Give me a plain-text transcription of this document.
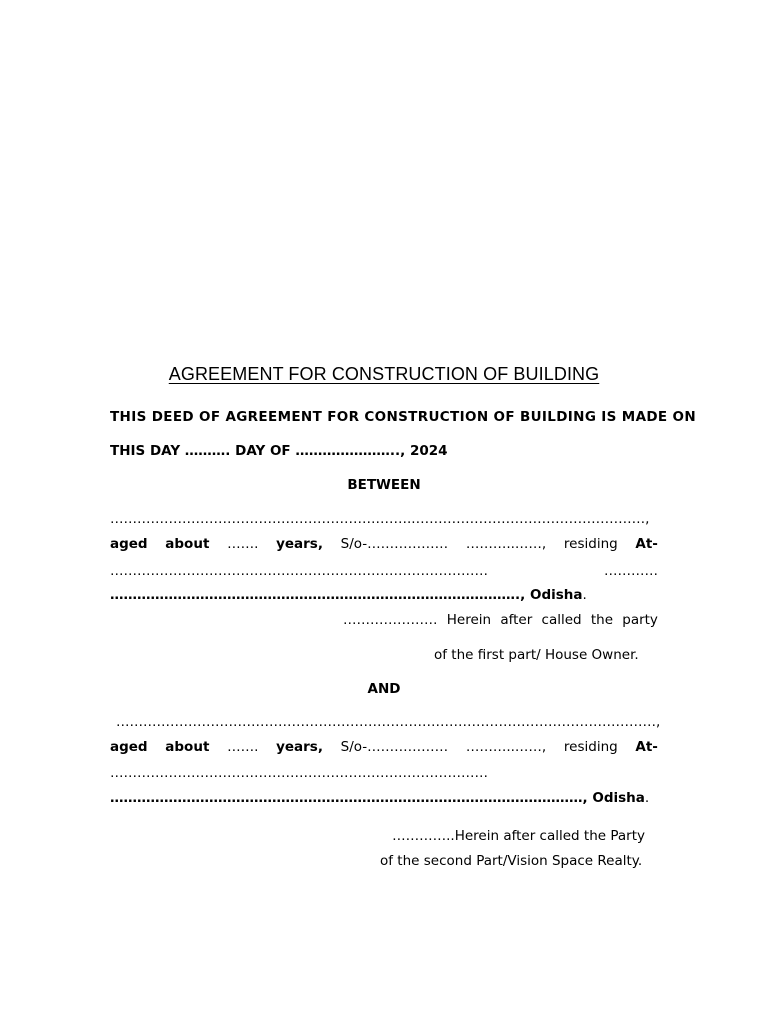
AGREEMENT FOR CONSTRUCTION OF BUILDING
THIS DEED OF AGREEMENT FOR CONSTRUCTION OF BUILDING IS MADE ON
THIS DAY ………. DAY OF ………………….., 2024
BETWEEN
…………………………………………………………..……………………………………………,
aged about ……. years, S/o-……………… ………..……, residing At-
…………………………………………………………………………	…………
………………………………………………………………………………., Odisha.
………………… Herein after called the party
of the first part/ House Owner.
AND
…………………………………………………………………………………………………………,
aged about ……. years, S/o-……………… ………..……, residing At-
…………………………………………………………………………
……………………………………………………………………………………………, Odisha.
…………..Herein after called the Party
of the second Part/Vision Space Realty.
